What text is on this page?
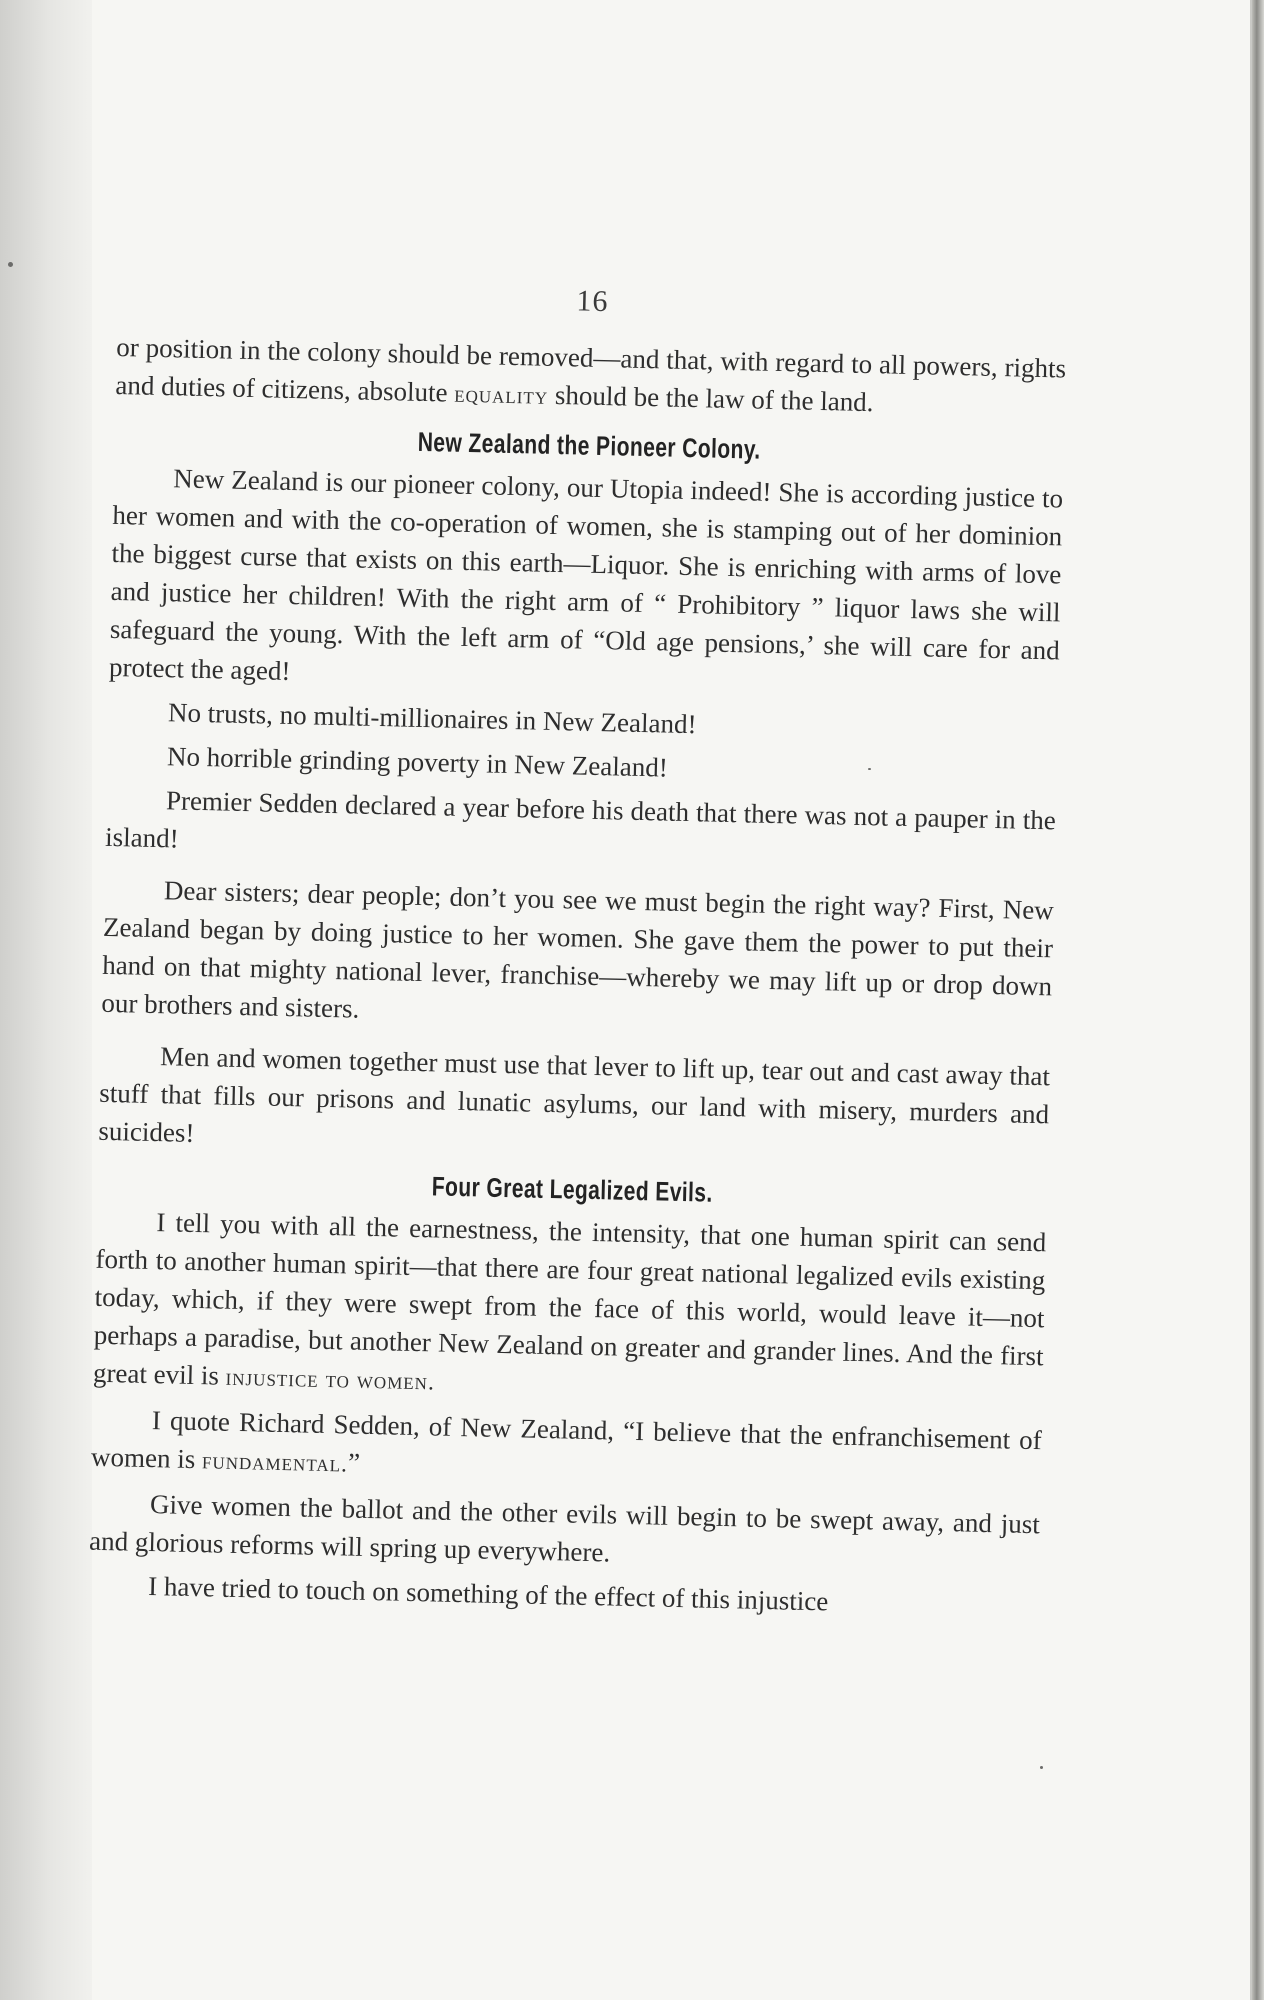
16

or position in the colony should be removed—and that, with regard to all powers, rights and duties of citizens, absolute equality should be the law of the land.

New Zealand the Pioneer Colony.

New Zealand is our pioneer colony, our Utopia indeed! She is according justice to her women and with the co-operation of women, she is stamping out of her dominion the biggest curse that exists on this earth—Liquor. She is enriching with arms of love and justice her children! With the right arm of “ Prohibitory ” liquor laws she will safeguard the young. With the left arm of “Old age pensions,’ she will care for and protect the aged!

No trusts, no multi-millionaires in New Zealand!

No horrible grinding poverty in New Zealand!

Premier Sedden declared a year before his death that there was not a pauper in the island!

Dear sisters; dear people; don’t you see we must begin the right way? First, New Zealand began by doing justice to her women. She gave them the power to put their hand on that mighty national lever, franchise—whereby we may lift up or drop down our brothers and sisters.

Men and women together must use that lever to lift up, tear out and cast away that stuff that fills our prisons and lunatic asylums, our land with misery, murders and suicides!

Four Great Legalized Evils.

I tell you with all the earnestness, the intensity, that one human spirit can send forth to another human spirit—that there are four great national legalized evils existing today, which, if they were swept from the face of this world, would leave it—not perhaps a paradise, but another New Zealand on greater and grander lines. And the first great evil is injustice to women.

I quote Richard Sedden, of New Zealand, “I believe that the enfranchisement of women is fundamental.”

Give women the ballot and the other evils will begin to be swept away, and just and glorious reforms will spring up everywhere.

I have tried to touch on something of the effect of this injustice
